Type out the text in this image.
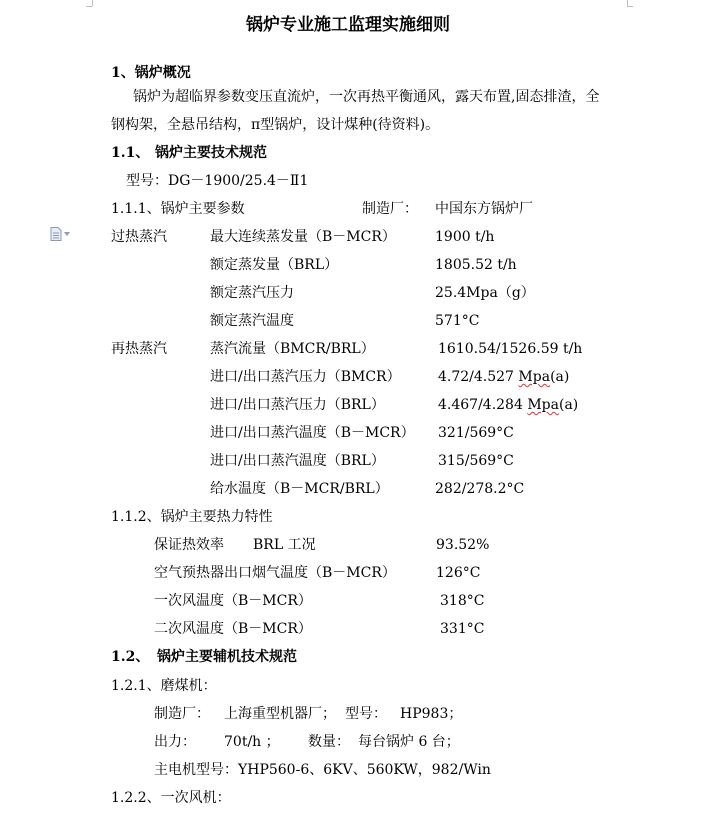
锅炉专业施工监理实施细则
1、锅炉概况
锅炉为超临界参数变压直流炉，一次再热平衡通风，露天布置,固态排渣，全
钢构架，全悬吊结构，π型锅炉，设计煤种(待资料)。
1.1、 锅炉主要技术规范
型号：DG－1900/25.4－Ⅱ1
1.1.1、锅炉主要参数	制造厂： 中国东方锅炉厂
过热蒸汽	最大连续蒸发量（B－MCR）	1900 t/h
额定蒸发量（BRL）	1805.52 t/h
额定蒸汽压力	25.4Mpa（g）
额定蒸汽温度	571°C
再热蒸汽	蒸汽流量（BMCR/BRL）	1610.54/1526.59 t/h
进口/出口蒸汽压力（BMCR）	4.72/4.527 Mpa(a)
进口/出口蒸汽压力（BRL）	4.467/4.284 Mpa(a)
进口/出口蒸汽温度（B－MCR） 321/569°C
进口/出口蒸汽温度（BRL）	315/569°C
给水温度（B－MCR/BRL）	282/278.2°C
1.1.2、锅炉主要热力特性
保证热效率 BRL 工况	93.52%
空气预热器出口烟气温度（B－MCR）	126°C
一次风温度（B－MCR）	318°C
二次风温度（B－MCR）	331°C
1.2、 锅炉主要辅机技术规范
1.2.1、磨煤机：
制造厂： 上海重型机器厂； 型号： HP983；
出力： 70t/h ； 数量： 每台锅炉 6 台；
主电机型号：YHP560-6、6KV、560KW，982/Win
1.2.2、一次风机：
